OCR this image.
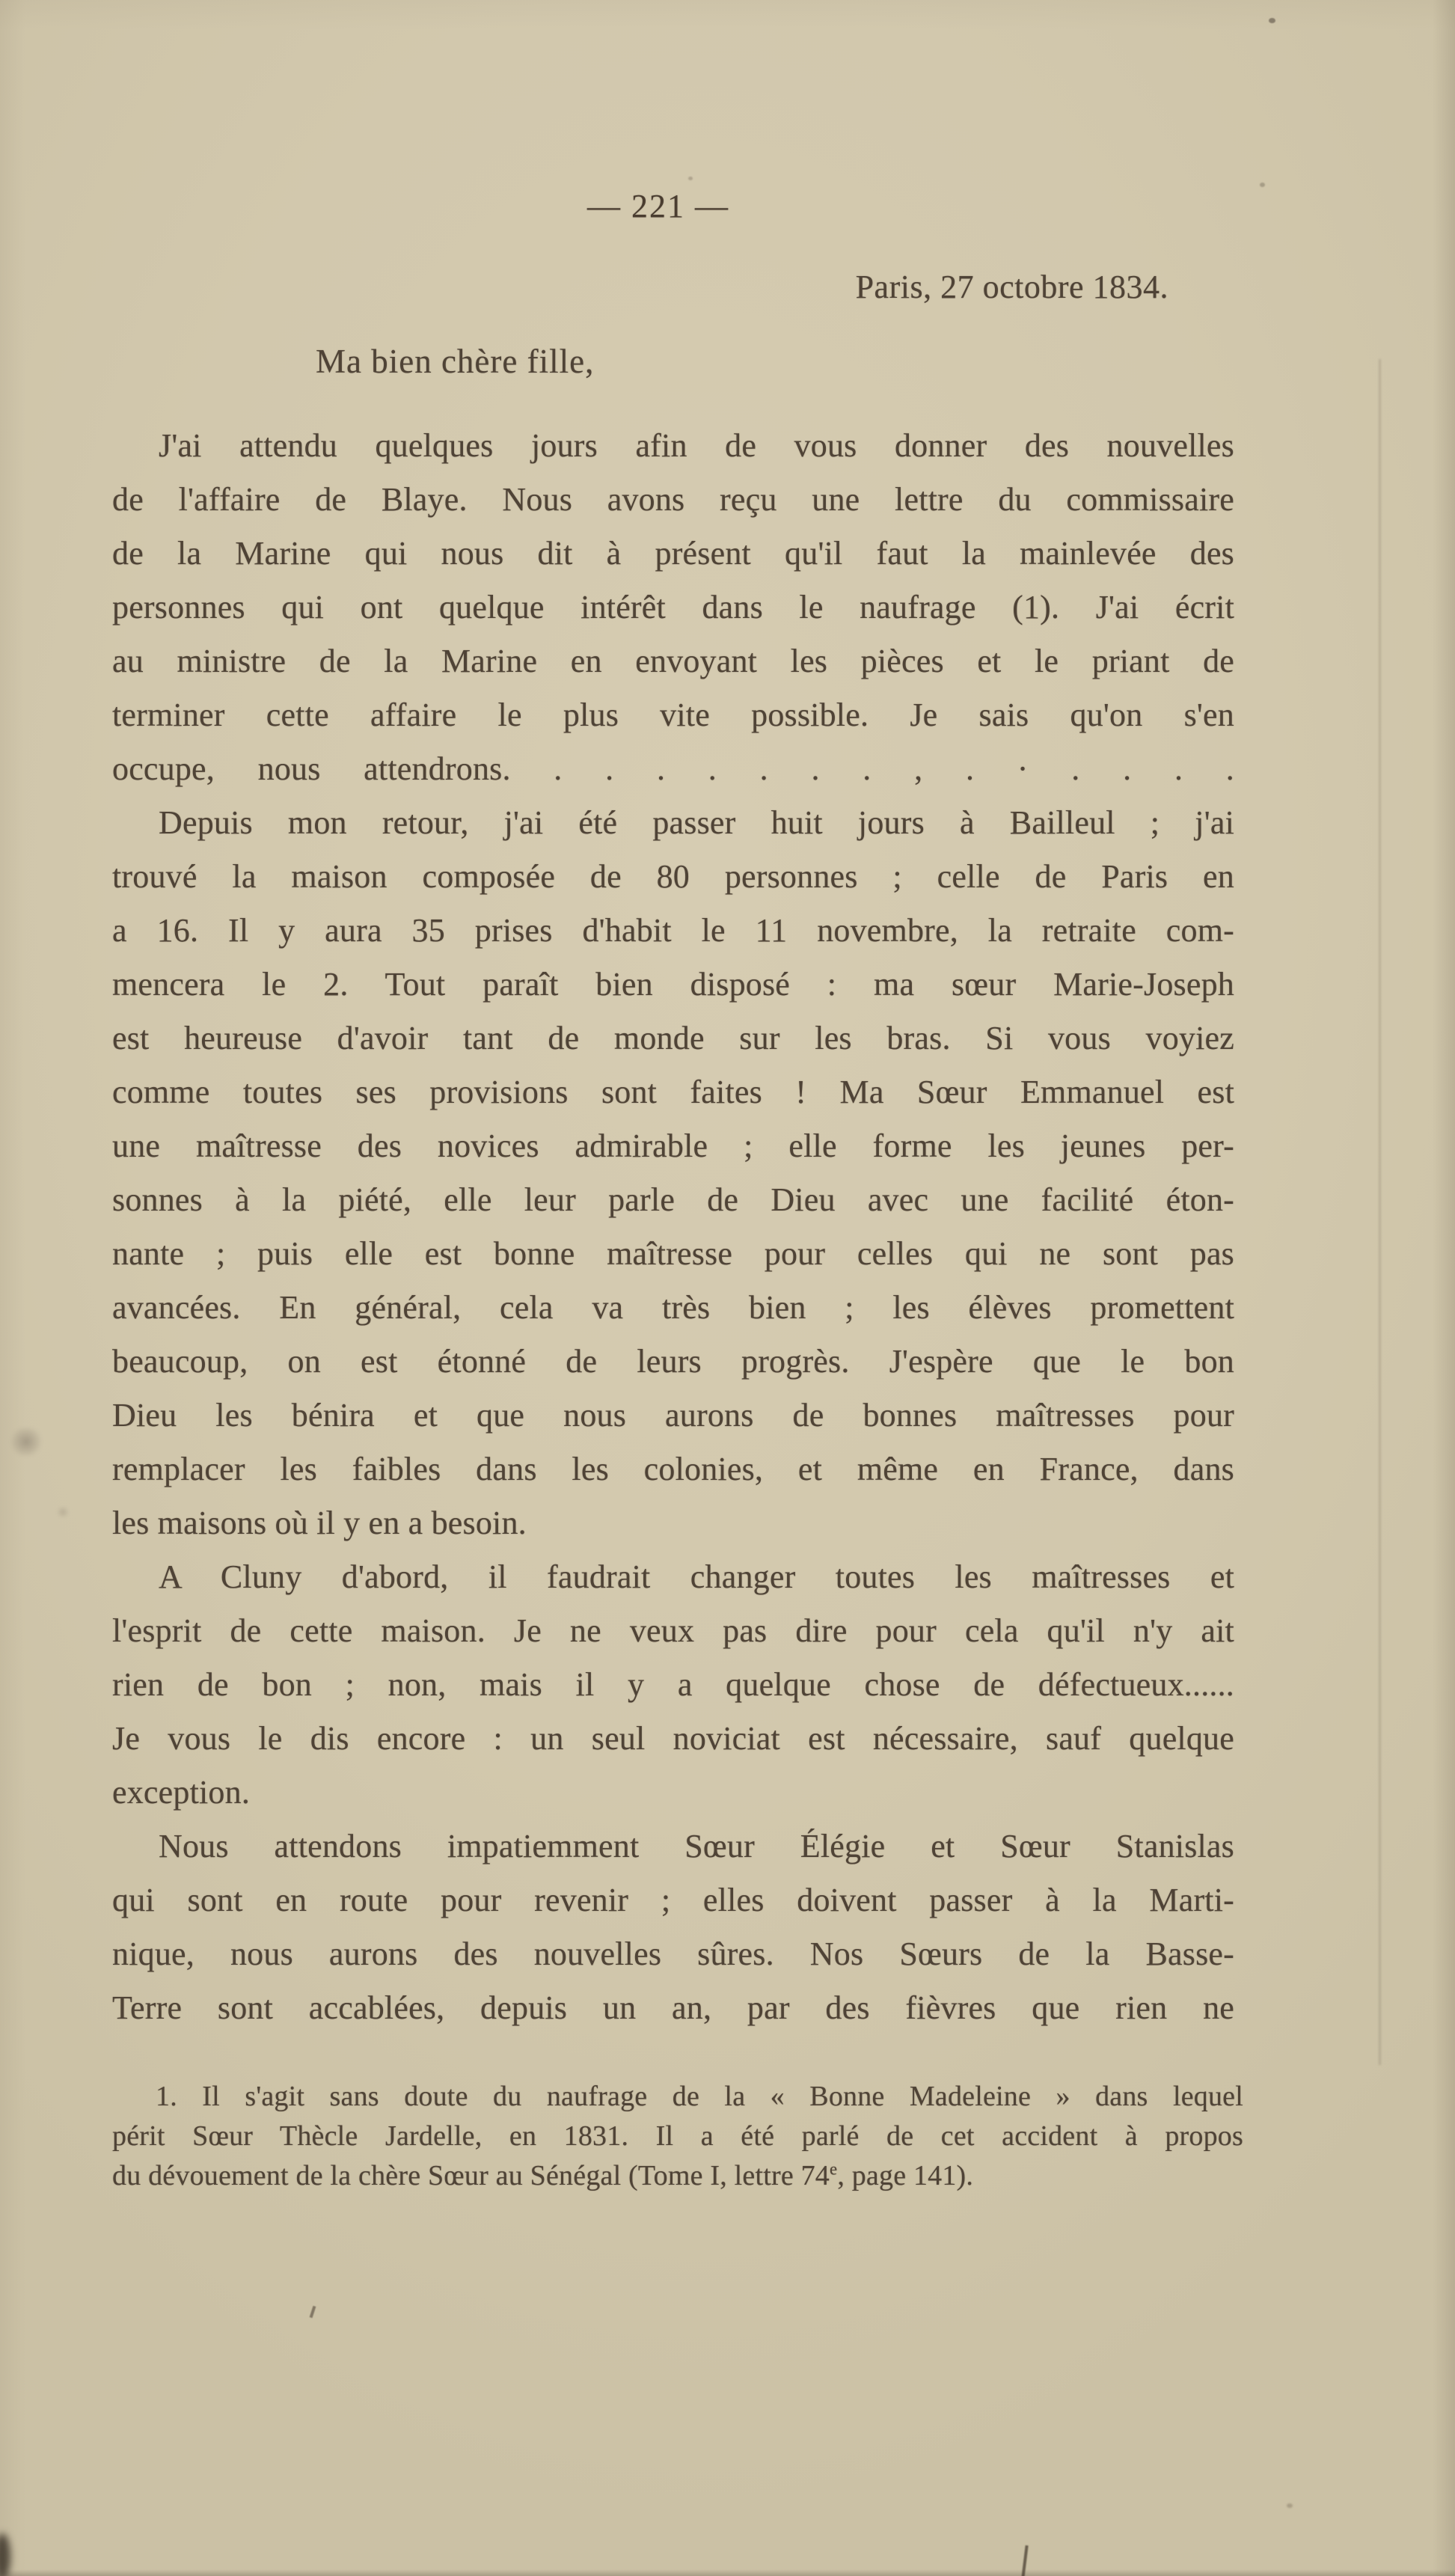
— 221 —
Paris, 27 octobre 1834.
Ma bien chère fille,
J'ai attendu quelques jours afin de vous donner des nouvelles
de l'affaire de Blaye. Nous avons reçu une lettre du commissaire
de la Marine qui nous dit à présent qu'il faut la mainlevée des
personnes qui ont quelque intérêt dans le naufrage (1). J'ai écrit
au ministre de la Marine en envoyant les pièces et le priant de
terminer cette affaire le plus vite possible. Je sais qu'on s'en
occupe, nous attendrons. . . . . . . . , . · . . . .
Depuis mon retour, j'ai été passer huit jours à Bailleul ; j'ai
trouvé la maison composée de 80 personnes ; celle de Paris en
a 16. Il y aura 35 prises d'habit le 11 novembre, la retraite com-
mencera le 2. Tout paraît bien disposé : ma sœur Marie-Joseph
est heureuse d'avoir tant de monde sur les bras. Si vous voyiez
comme toutes ses provisions sont faites ! Ma Sœur Emmanuel est
une maîtresse des novices admirable ; elle forme les jeunes per-
sonnes à la piété, elle leur parle de Dieu avec une facilité éton-
nante ; puis elle est bonne maîtresse pour celles qui ne sont pas
avancées. En général, cela va très bien ; les élèves promettent
beaucoup, on est étonné de leurs progrès. J'espère que le bon
Dieu les bénira et que nous aurons de bonnes maîtresses pour
remplacer les faibles dans les colonies, et même en France, dans
les maisons où il y en a besoin.
A Cluny d'abord, il faudrait changer toutes les maîtresses et
l'esprit de cette maison. Je ne veux pas dire pour cela qu'il n'y ait
rien de bon ; non, mais il y a quelque chose de défectueux......
Je vous le dis encore : un seul noviciat est nécessaire, sauf quelque
exception.
Nous attendons impatiemment Sœur Élégie et Sœur Stanislas
qui sont en route pour revenir ; elles doivent passer à la Marti-
nique, nous aurons des nouvelles sûres. Nos Sœurs de la Basse-
Terre sont accablées, depuis un an, par des fièvres que rien ne
1. Il s'agit sans doute du naufrage de la « Bonne Madeleine » dans lequel
périt Sœur Thècle Jardelle, en 1831. Il a été parlé de cet accident à propos
du dévouement de la chère Sœur au Sénégal (Tome I, lettre 74e, page 141).
